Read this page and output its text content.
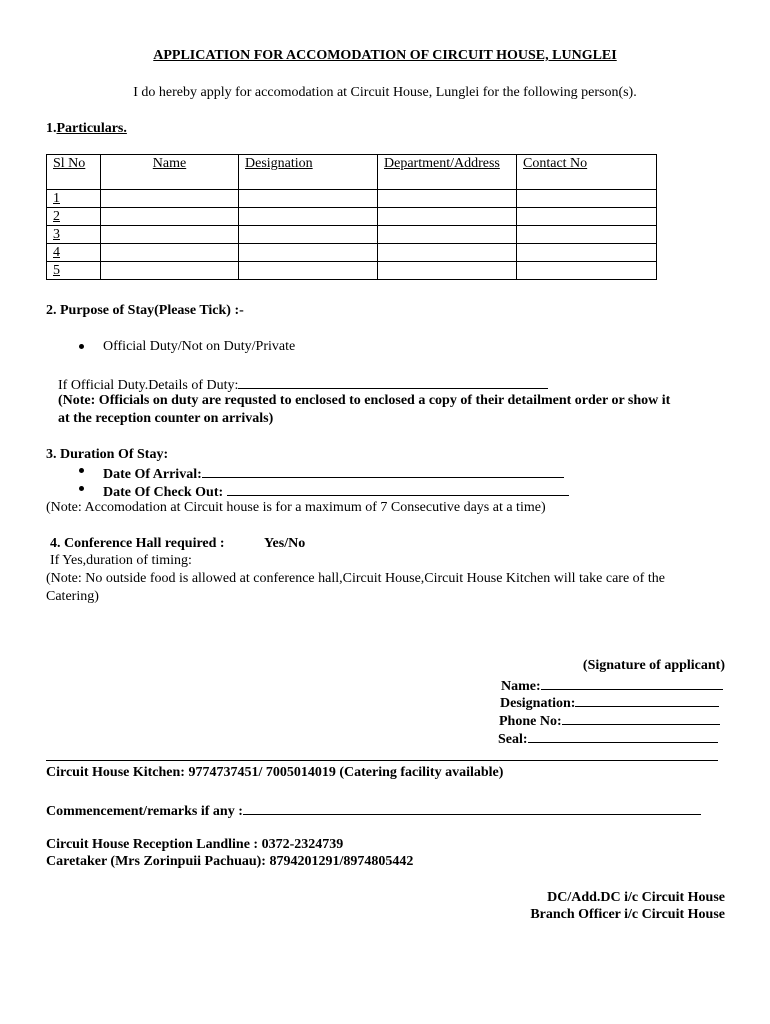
APPLICATION FOR ACCOMODATION OF CIRCUIT HOUSE, LUNGLEI
I do hereby apply for accomodation at Circuit House, Lunglei for the following person(s).
1.Particulars.
Sl No	Name	Designation	Department/Address	Contact No
1				
2				
3				
4				
5				
2. Purpose of Stay(Please Tick) :-
Official Duty/Not on Duty/Private
If Official Duty.Details of Duty:
(Note: Officials on duty are requsted to enclosed to enclosed a copy of their detailment order or show it
at the reception counter on arrivals)
3. Duration Of Stay:
Date Of Arrival:
Date Of Check Out:
(Note: Accomodation at Circuit house is for a maximum of 7 Consecutive days at a time)
4. Conference Hall required :	Yes/No
If Yes,duration of timing:
(Note: No outside food is allowed at conference hall,Circuit House,Circuit House Kitchen will take care of the
Catering)
(Signature of applicant)
Name:
Designation:
Phone No:
Seal:
Circuit House Kitchen: 9774737451/ 7005014019 (Catering facility available)
Commencement/remarks if any :
Circuit House Reception Landline : 0372-2324739
Caretaker (Mrs Zorinpuii Pachuau): 8794201291/8974805442
DC/Add.DC i/c Circuit House
Branch Officer i/c Circuit House
